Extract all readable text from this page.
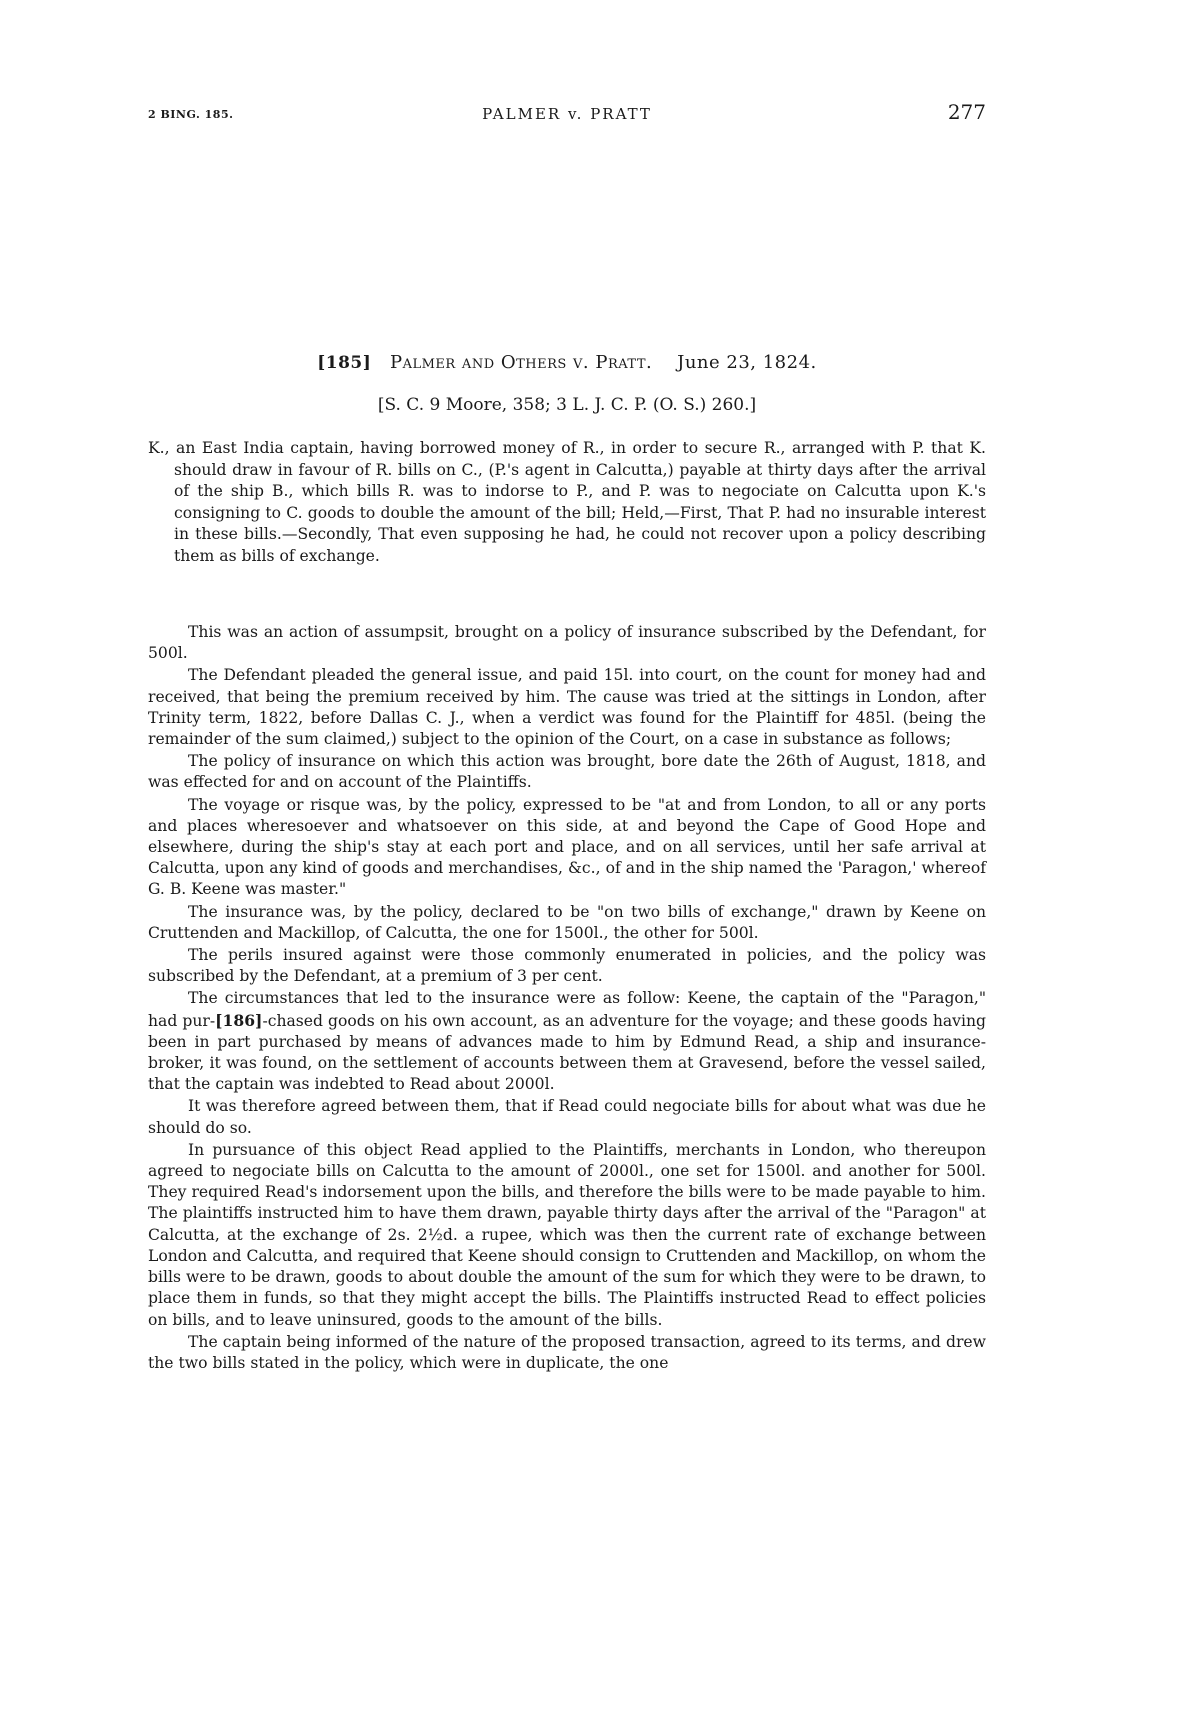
2 BING. 185.	PALMER v. PRATT	277
[185] Palmer and Others v. Pratt. June 23, 1824.
[S. C. 9 Moore, 358; 3 L. J. C. P. (O. S.) 260.]
K., an East India captain, having borrowed money of R., in order to secure R., arranged with P. that K. should draw in favour of R. bills on C., (P.'s agent in Calcutta,) payable at thirty days after the arrival of the ship B., which bills R. was to indorse to P., and P. was to negociate on Calcutta upon K.'s consigning to C. goods to double the amount of the bill; Held,—First, That P. had no insurable interest in these bills.—Secondly, That even supposing he had, he could not recover upon a policy describing them as bills of exchange.

This was an action of assumpsit, brought on a policy of insurance subscribed by the Defendant, for 500l.

The Defendant pleaded the general issue, and paid 15l. into court, on the count for money had and received, that being the premium received by him. The cause was tried at the sittings in London, after Trinity term, 1822, before Dallas C. J., when a verdict was found for the Plaintiff for 485l. (being the remainder of the sum claimed,) subject to the opinion of the Court, on a case in substance as follows;

The policy of insurance on which this action was brought, bore date the 26th of August, 1818, and was effected for and on account of the Plaintiffs.

The voyage or risque was, by the policy, expressed to be "at and from London, to all or any ports and places wheresoever and whatsoever on this side, at and beyond the Cape of Good Hope and elsewhere, during the ship's stay at each port and place, and on all services, until her safe arrival at Calcutta, upon any kind of goods and merchandises, &c., of and in the ship named the 'Paragon,' whereof G. B. Keene was master."

The insurance was, by the policy, declared to be "on two bills of exchange," drawn by Keene on Cruttenden and Mackillop, of Calcutta, the one for 1500l., the other for 500l.

The perils insured against were those commonly enumerated in policies, and the policy was subscribed by the Defendant, at a premium of 3 per cent.

The circumstances that led to the insurance were as follow: Keene, the captain of the "Paragon," had pur-[186]-chased goods on his own account, as an adventure for the voyage; and these goods having been in part purchased by means of advances made to him by Edmund Read, a ship and insurance-broker, it was found, on the settlement of accounts between them at Gravesend, before the vessel sailed, that the captain was indebted to Read about 2000l.

It was therefore agreed between them, that if Read could negociate bills for about what was due he should do so.

In pursuance of this object Read applied to the Plaintiffs, merchants in London, who thereupon agreed to negociate bills on Calcutta to the amount of 2000l., one set for 1500l. and another for 500l. They required Read's indorsement upon the bills, and therefore the bills were to be made payable to him. The plaintiffs instructed him to have them drawn, payable thirty days after the arrival of the "Paragon" at Calcutta, at the exchange of 2s. 2½d. a rupee, which was then the current rate of exchange between London and Calcutta, and required that Keene should consign to Cruttenden and Mackillop, on whom the bills were to be drawn, goods to about double the amount of the sum for which they were to be drawn, to place them in funds, so that they might accept the bills. The Plaintiffs instructed Read to effect policies on bills, and to leave uninsured, goods to the amount of the bills.

The captain being informed of the nature of the proposed transaction, agreed to its terms, and drew the two bills stated in the policy, which were in duplicate, the one
